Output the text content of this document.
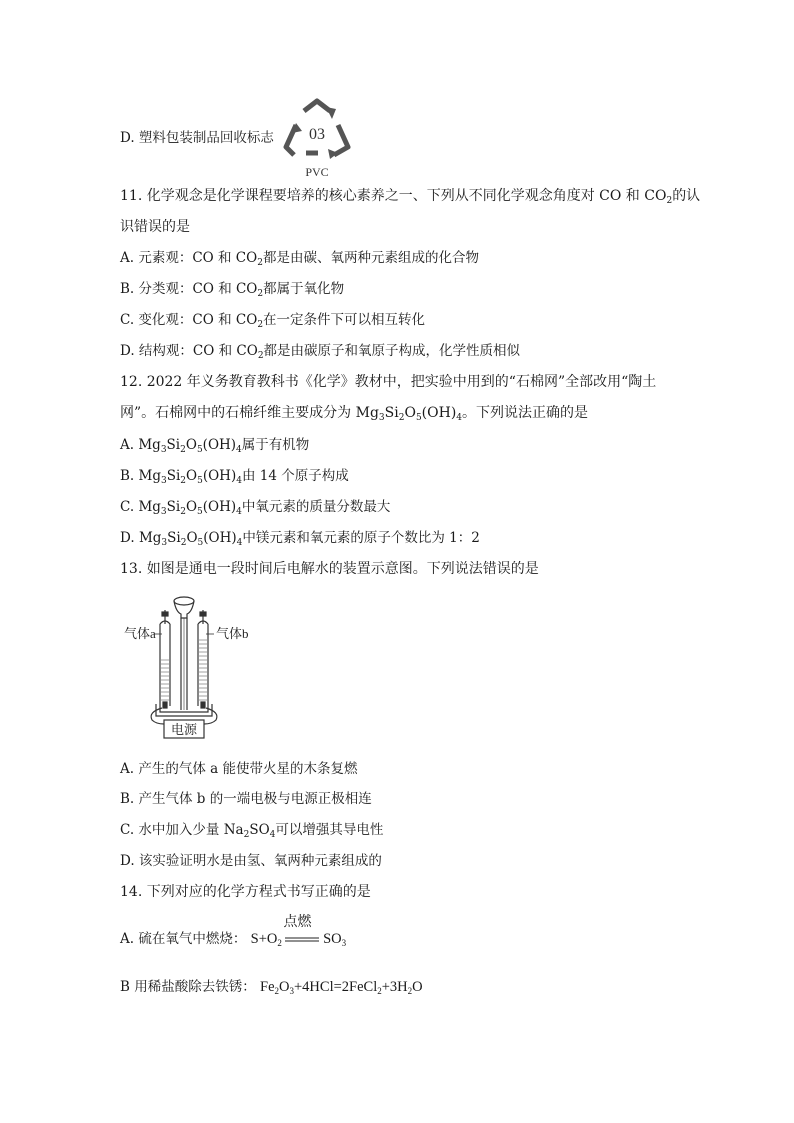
D. 塑料包装制品回收标志 03
PVC
11. 化学观念是化学课程要培养的核心素养之一、下列从不同化学观念角度对 CO 和 $CO_2$的认
识错误的是
A. 元素观：CO 和 $CO_2$都是由碳、氧两种元素组成的化合物
B. 分类观：CO 和 $CO_2$都属于氧化物
C. 变化观：CO 和 $CO_2$在一定条件下可以相互转化
D. 结构观：CO 和 $CO_2$都是由碳原子和氧原子构成，化学性质相似
12. 2022 年义务教育教科书《化学》教材中，把实验中用到的“石棉网”全部改用“陶土
网”。石棉网中的石棉纤维主要成分为 $Mg_3Si_2O_5(OH)_4$。下列说法正确的是
A. $Mg_3Si_2O_5(OH)_4$属于有机物
B. $Mg_3Si_2O_5(OH)_4$由 14 个原子构成
C. $Mg_3Si_2O_5(OH)_4$中氧元素的质量分数最大
D. $Mg_3Si_2O_5(OH)_4$中镁元素和氧元素的原子个数比为 1：2
13. 如图是通电一段时间后电解水的装置示意图。下列说法错误的是
气体a	气体b
电源
A. 产生的气体 a 能使带火星的木条复燃
B. 产生气体 b 的一端电极与电源正极相连
C. 水中加入少量 $Na_2SO_4$可以增强其导电性
D. 该实验证明水是由氢、氧两种元素组成的
14. 下列对应的化学方程式书写正确的是
A. 硫在氧气中燃烧： $S+O_2$
点燃
$SO_3$
B 用稀盐酸除去铁锈： $Fe_2O_3+4HCl=2FeCl_2+3H_2O$
